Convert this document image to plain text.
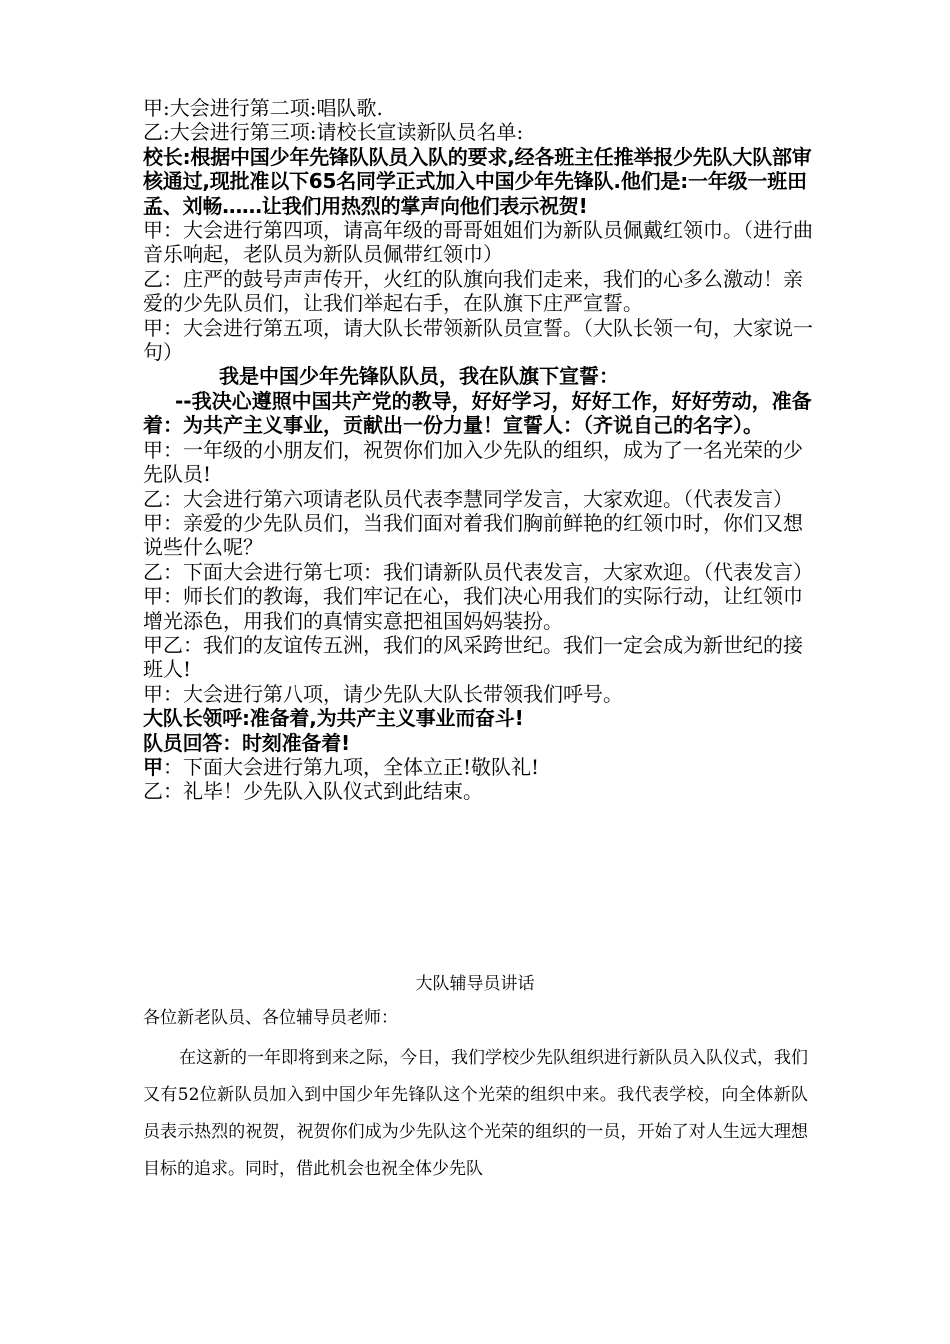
甲:大会进行第二项:唱队歌.

乙:大会进行第三项:请校长宣读新队员名单:

校长:根据中国少年先锋队队员入队的要求,经各班主任推举报少先队大队部审核通过,现批准以下65名同学正式加入中国少年先锋队.他们是:一年级一班田孟、刘畅……让我们用热烈的掌声向他们表示祝贺!

甲：大会进行第四项，请高年级的哥哥姐姐们为新队员佩戴红领巾。（进行曲音乐响起，老队员为新队员佩带红领巾）

乙：庄严的鼓号声声传开，火红的队旗向我们走来，我们的心多么激动！亲爱的少先队员们，让我们举起右手，在队旗下庄严宣誓。

甲：大会进行第五项，请大队长带领新队员宣誓。（大队长领一句，大家说一句）

我是中国少年先锋队队员，我在队旗下宣誓：

--我决心遵照中国共产党的教导，好好学习，好好工作，好好劳动，准备着：为共产主义事业，贡献出一份力量！宣誓人：（齐说自己的名字）。

甲：一年级的小朋友们，祝贺你们加入少先队的组织，成为了一名光荣的少先队员!

乙：大会进行第六项请老队员代表李慧同学发言，大家欢迎。（代表发言）

甲：亲爱的少先队员们，当我们面对着我们胸前鲜艳的红领巾时，你们又想说些什么呢？

乙：下面大会进行第七项：我们请新队员代表发言，大家欢迎。（代表发言）

甲：师长们的教诲，我们牢记在心，我们决心用我们的实际行动，让红领巾增光添色，用我们的真情实意把祖国妈妈装扮。

甲乙：我们的友谊传五洲，我们的风采跨世纪。我们一定会成为新世纪的接班人!

甲：大会进行第八项，请少先队大队长带领我们呼号。

大队长领呼:准备着,为共产主义事业而奋斗!

队员回答：时刻准备着!

甲：下面大会进行第九项，全体立正!敬队礼!

乙：礼毕！少先队入队仪式到此结束。

大队辅导员讲话
各位新老队员、各位辅导员老师：
在这新的一年即将到来之际，今日，我们学校少先队组织进行新队员入队仪式，我们又有52位新队员加入到中国少年先锋队这个光荣的组织中来。我代表学校，向全体新队员表示热烈的祝贺，祝贺你们成为少先队这个光荣的组织的一员，开始了对人生远大理想目标的追求。同时，借此机会也祝全体少先队
